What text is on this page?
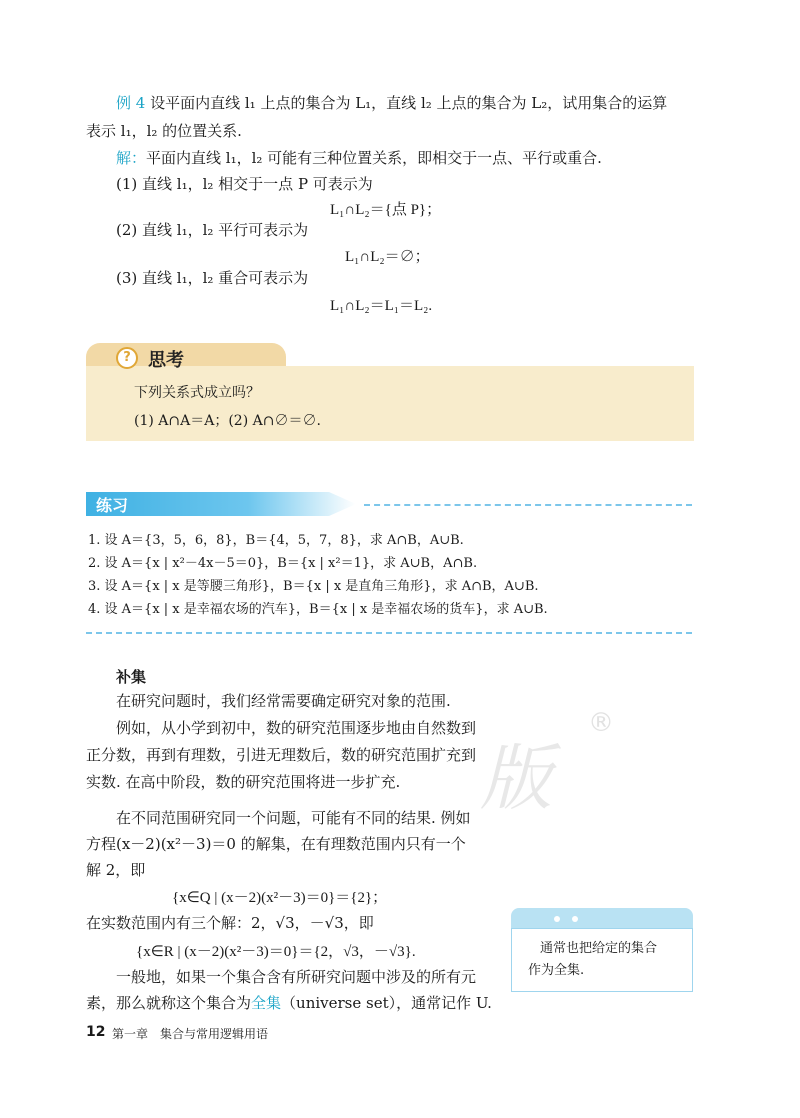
例 4 设平面内直线 l₁ 上点的集合为 L₁，直线 l₂ 上点的集合为 L₂，试用集合的运算
表示 l₁，l₂ 的位置关系.
解：平面内直线 l₁，l₂ 可能有三种位置关系，即相交于一点、平行或重合.
(1) 直线 l₁，l₂ 相交于一点 P 可表示为
L₁∩L₂＝{点 P}；
(2) 直线 l₁，l₂ 平行可表示为
L₁∩L₂＝∅；
(3) 直线 l₁，l₂ 重合可表示为
L₁∩L₂＝L₁＝L₂.
? 思考
下列关系式成立吗？
(1) A∩A＝A；(2) A∩∅＝∅.
练习
1. 设 A＝{3，5，6，8}，B＝{4，5，7，8}，求 A∩B，A∪B.
2. 设 A＝{x | x²－4x－5＝0}，B＝{x | x²＝1}，求 A∪B，A∩B.
3. 设 A＝{x | x 是等腰三角形}，B＝{x | x 是直角三角形}，求 A∩B，A∪B.
4. 设 A＝{x | x 是幸福农场的汽车}，B＝{x | x 是幸福农场的货车}，求 A∪B.
版
®
补集
在研究问题时，我们经常需要确定研究对象的范围.
例如，从小学到初中，数的研究范围逐步地由自然数到
正分数，再到有理数，引进无理数后，数的研究范围扩充到
实数. 在高中阶段，数的研究范围将进一步扩充.
在不同范围研究同一个问题，可能有不同的结果. 例如
方程(x－2)(x²－3)＝0 的解集，在有理数范围内只有一个
解 2，即
{x∈Q | (x－2)(x²－3)＝0}＝{2}；
在实数范围内有三个解：2，√3，－√3，即
{x∈R | (x－2)(x²－3)＝0}＝{2，√3，－√3}.
一般地，如果一个集合含有所研究问题中涉及的所有元
素，那么就称这个集合为全集（universe set），通常记作 U.
通常也把给定的集合
作为全集.
12 第一章　集合与常用逻辑用语
